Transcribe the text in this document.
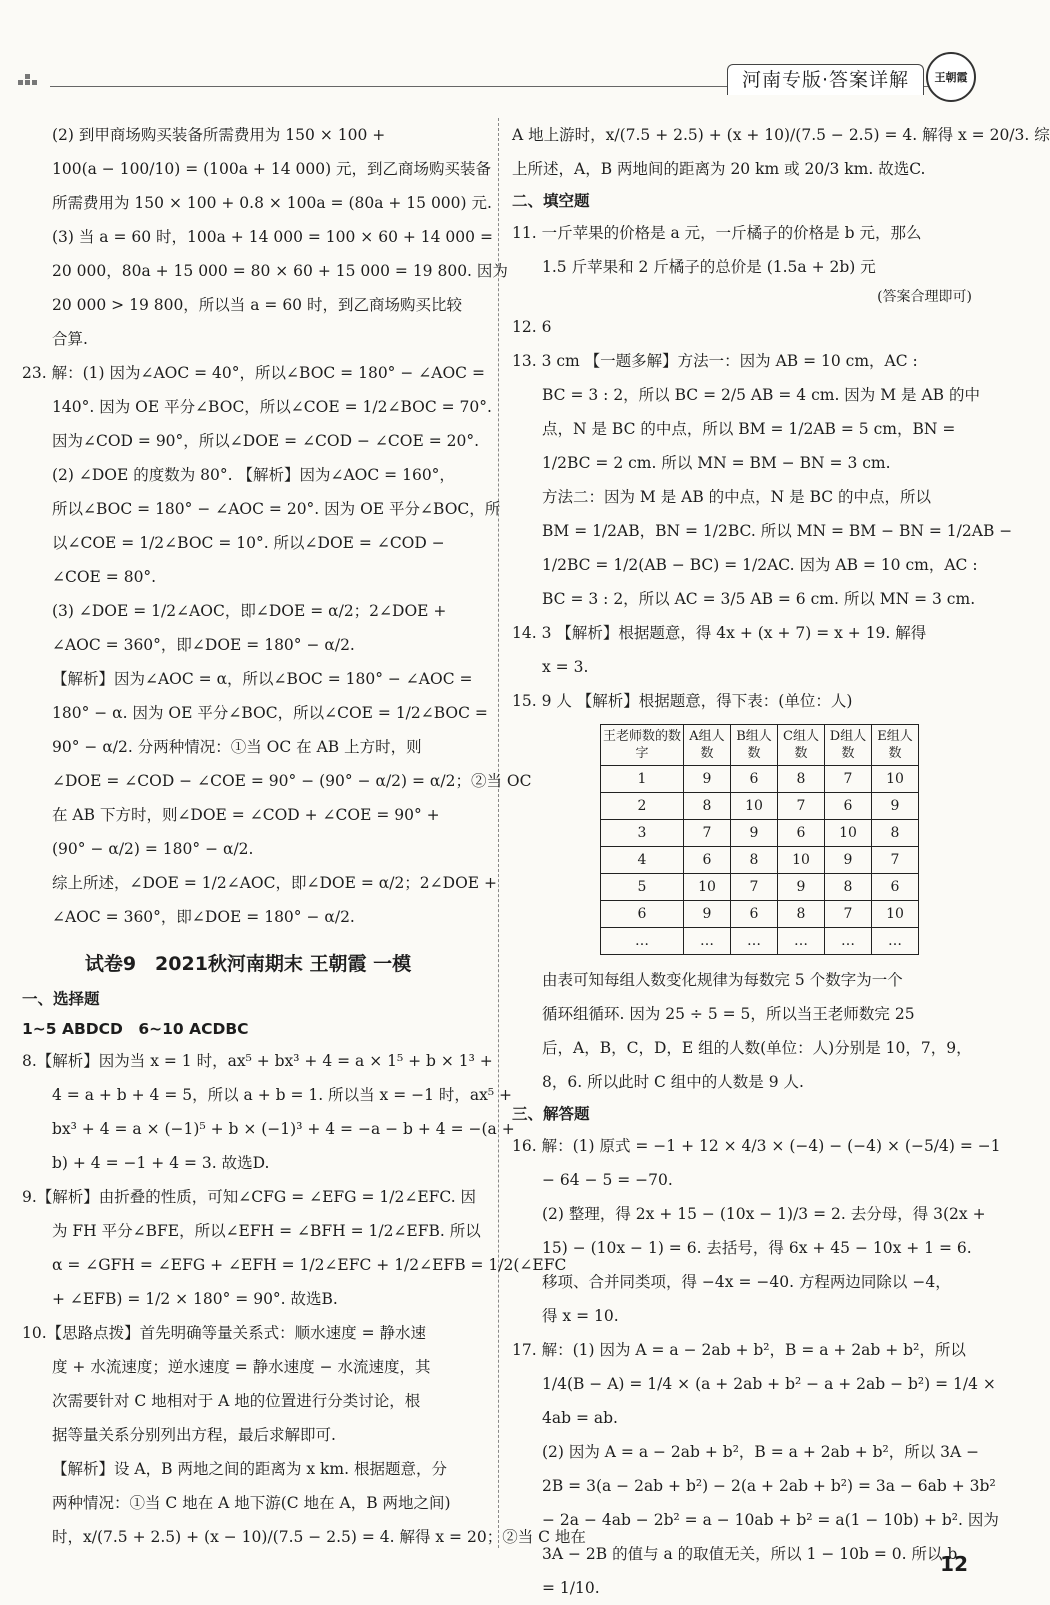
河南专版·答案详解	王朝霞
(2) 到甲商场购买装备所需费用为 150 × 100 +
100(a − 100/10) = (100a + 14 000) 元，到乙商场购买装备
所需费用为 150 × 100 + 0.8 × 100a = (80a + 15 000) 元.
(3) 当 a = 60 时，100a + 14 000 = 100 × 60 + 14 000 =
20 000，80a + 15 000 = 80 × 60 + 15 000 = 19 800. 因为
20 000 > 19 800，所以当 a = 60 时，到乙商场购买比较
合算.
23. 解：(1) 因为∠AOC = 40°，所以∠BOC = 180° − ∠AOC =
140°. 因为 OE 平分∠BOC，所以∠COE = 1/2∠BOC = 70°.
因为∠COD = 90°，所以∠DOE = ∠COD − ∠COE = 20°.
(2) ∠DOE 的度数为 80°. 【解析】因为∠AOC = 160°，
所以∠BOC = 180° − ∠AOC = 20°. 因为 OE 平分∠BOC，所
以∠COE = 1/2∠BOC = 10°. 所以∠DOE = ∠COD −
∠COE = 80°.
(3) ∠DOE = 1/2∠AOC，即∠DOE = α/2；2∠DOE +
∠AOC = 360°，即∠DOE = 180° − α/2.
【解析】因为∠AOC = α，所以∠BOC = 180° − ∠AOC =
180° − α. 因为 OE 平分∠BOC，所以∠COE = 1/2∠BOC =
90° − α/2. 分两种情况：①当 OC 在 AB 上方时，则
∠DOE = ∠COD − ∠COE = 90° − (90° − α/2) = α/2；②当 OC
在 AB 下方时，则∠DOE = ∠COD + ∠COE = 90° +
(90° − α/2) = 180° − α/2.
综上所述，∠DOE = 1/2∠AOC，即∠DOE = α/2；2∠DOE +
∠AOC = 360°，即∠DOE = 180° − α/2.
试卷9　2021秋河南期末 王朝霞 一模
一、选择题
1~5 ABDCD　6~10 ACDBC
8.【解析】因为当 x = 1 时，ax⁵ + bx³ + 4 = a × 1⁵ + b × 1³ +
4 = a + b + 4 = 5，所以 a + b = 1. 所以当 x = −1 时，ax⁵ +
bx³ + 4 = a × (−1)⁵ + b × (−1)³ + 4 = −a − b + 4 = −(a +
b) + 4 = −1 + 4 = 3. 故选D.
9.【解析】由折叠的性质，可知∠CFG = ∠EFG = 1/2∠EFC. 因
为 FH 平分∠BFE，所以∠EFH = ∠BFH = 1/2∠EFB. 所以
α = ∠GFH = ∠EFG + ∠EFH = 1/2∠EFC + 1/2∠EFB = 1/2(∠EFC
+ ∠EFB) = 1/2 × 180° = 90°. 故选B.
10.【思路点拨】首先明确等量关系式：顺水速度 = 静水速
度 + 水流速度；逆水速度 = 静水速度 − 水流速度，其
次需要针对 C 地相对于 A 地的位置进行分类讨论，根
据等量关系分别列出方程，最后求解即可.
【解析】设 A，B 两地之间的距离为 x km. 根据题意，分
两种情况：①当 C 地在 A 地下游(C 地在 A，B 两地之间)
时，x/(7.5 + 2.5) + (x − 10)/(7.5 − 2.5) = 4. 解得 x = 20；②当 C 地在
A 地上游时，x/(7.5 + 2.5) + (x + 10)/(7.5 − 2.5) = 4. 解得 x = 20/3. 综
上所述，A，B 两地间的距离为 20 km 或 20/3 km. 故选C.
二、填空题
11. 一斤苹果的价格是 a 元，一斤橘子的价格是 b 元，那么
1.5 斤苹果和 2 斤橘子的总价是 (1.5a + 2b) 元
(答案合理即可)
12. 6
13. 3 cm 【一题多解】方法一：因为 AB = 10 cm，AC :
BC = 3 : 2，所以 BC = 2/5 AB = 4 cm. 因为 M 是 AB 的中
点，N 是 BC 的中点，所以 BM = 1/2AB = 5 cm，BN =
1/2BC = 2 cm. 所以 MN = BM − BN = 3 cm.
方法二：因为 M 是 AB 的中点，N 是 BC 的中点，所以
BM = 1/2AB，BN = 1/2BC. 所以 MN = BM − BN = 1/2AB −
1/2BC = 1/2(AB − BC) = 1/2AC. 因为 AB = 10 cm，AC :
BC = 3 : 2，所以 AC = 3/5 AB = 6 cm. 所以 MN = 3 cm.
14. 3 【解析】根据题意，得 4x + (x + 7) = x + 19. 解得
x = 3.
15. 9 人 【解析】根据题意，得下表：(单位：人)
王老师数的数字	A组人数	B组人数	C组人数	D组人数	E组人数
1	9	6	8	7	10
2	8	10	7	6	9
3	7	9	6	10	8
4	6	8	10	9	7
5	10	7	9	8	6
6	9	6	8	7	10
…	…	…	…	…	…
由表可知每组人数变化规律为每数完 5 个数字为一个
循环组循环. 因为 25 ÷ 5 = 5，所以当王老师数完 25
后，A，B，C，D，E 组的人数(单位：人)分别是 10，7，9，
8，6. 所以此时 C 组中的人数是 9 人.
三、解答题
16. 解：(1) 原式 = −1 + 12 × 4/3 × (−4) − (−4) × (−5/4) = −1
− 64 − 5 = −70.
(2) 整理，得 2x + 15 − (10x − 1)/3 = 2. 去分母，得 3(2x +
15) − (10x − 1) = 6. 去括号，得 6x + 45 − 10x + 1 = 6.
移项、合并同类项，得 −4x = −40. 方程两边同除以 −4，
得 x = 10.
17. 解：(1) 因为 A = a − 2ab + b²，B = a + 2ab + b²，所以
1/4(B − A) = 1/4 × (a + 2ab + b² − a + 2ab − b²) = 1/4 ×
4ab = ab.
(2) 因为 A = a − 2ab + b²，B = a + 2ab + b²，所以 3A −
2B = 3(a − 2ab + b²) − 2(a + 2ab + b²) = 3a − 6ab + 3b²
− 2a − 4ab − 2b² = a − 10ab + b² = a(1 − 10b) + b². 因为
3A − 2B 的值与 a 的取值无关，所以 1 − 10b = 0. 所以 b
= 1/10.
12
